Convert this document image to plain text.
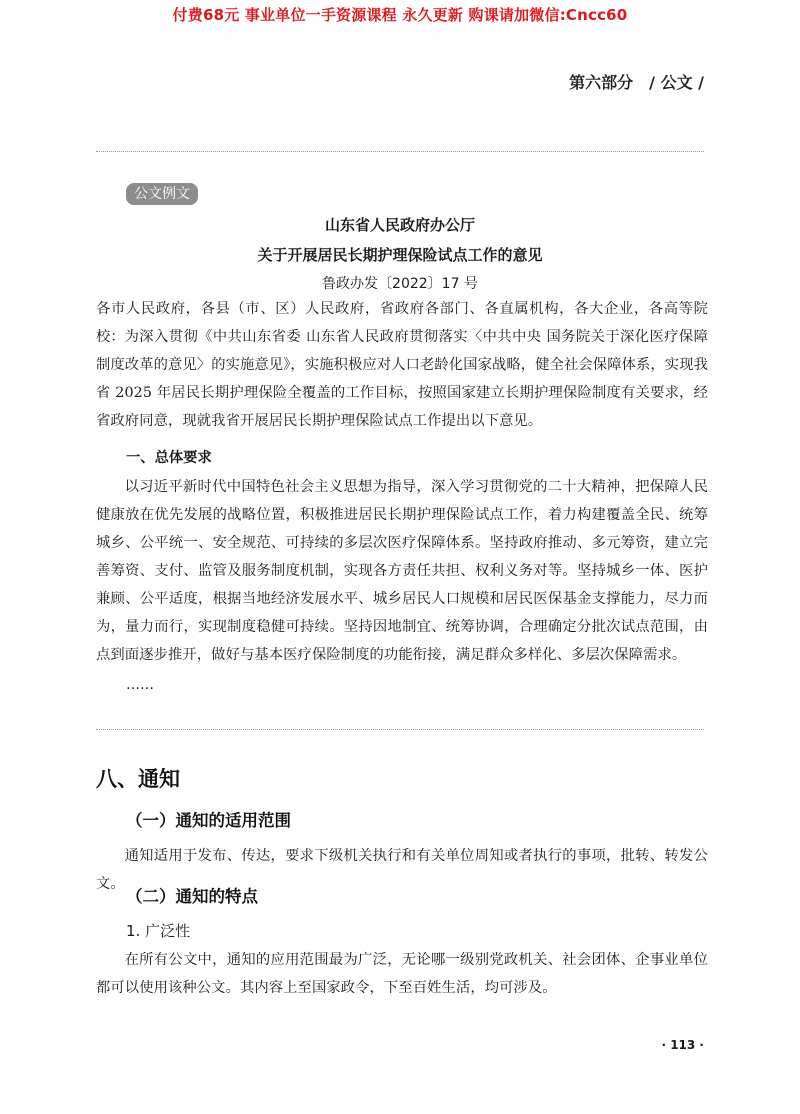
付费68元 事业单位一手资源课程 永久更新 购课请加微信:Cncc60
第六部分 / 公文 /
公文例文
山东省人民政府办公厅
关于开展居民长期护理保险试点工作的意见
鲁政办发〔2022〕17 号
各市人民政府，各县（市、区）人民政府，省政府各部门、各直属机构，各大企业，各高等院校： 为深入贯彻《中共山东省委 山东省人民政府贯彻落实〈中共中央 国务院关于深化医疗保障制度改革的意见〉的实施意见》，实施积极应对人口老龄化国家战略，健全社会保障体系，实现我省 2025 年居民长期护理保险全覆盖的工作目标，按照国家建立长期护理保险制度有关要求，经省政府同意，现就我省开展居民长期护理保险试点工作提出以下意见。
一、总体要求
以习近平新时代中国特色社会主义思想为指导，深入学习贯彻党的二十大精神，把保障人民健康放在优先发展的战略位置，积极推进居民长期护理保险试点工作，着力构建覆盖全民、统筹城乡、公平统一、安全规范、可持续的多层次医疗保障体系。坚持政府推动、多元筹资，建立完善筹资、支付、监管及服务制度机制，实现各方责任共担、权利义务对等。坚持城乡一体、医护兼顾、公平适度，根据当地经济发展水平、城乡居民人口规模和居民医保基金支撑能力，尽力而为，量力而行，实现制度稳健可持续。坚持因地制宜、统筹协调，合理确定分批次试点范围，由点到面逐步推开，做好与基本医疗保险制度的功能衔接，满足群众多样化、多层次保障需求。
……
八、通知
（一）通知的适用范围
通知适用于发布、传达，要求下级机关执行和有关单位周知或者执行的事项，批转、转发公文。
（二）通知的特点
1. 广泛性
在所有公文中，通知的应用范围最为广泛，无论哪一级别党政机关、社会团体、企事业单位都可以使用该种公文。其内容上至国家政令，下至百姓生活，均可涉及。
· 113 ·
